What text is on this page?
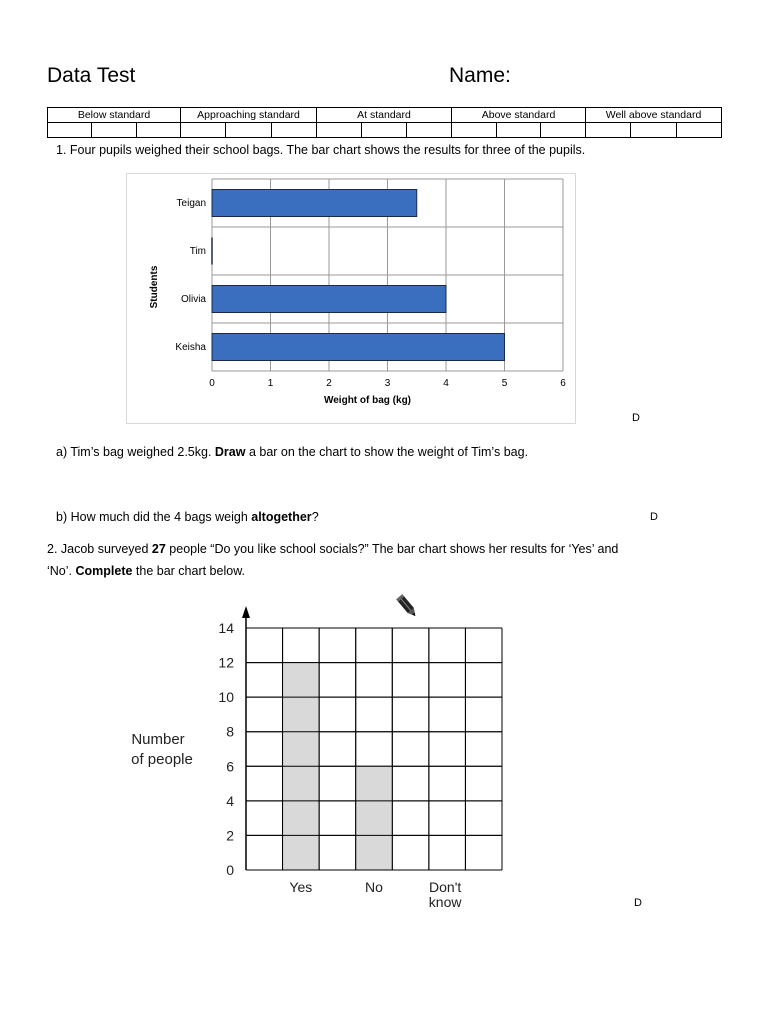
Data Test	Name:
Below standard			Approaching standard			At standard			Above standard			Well above standard		

1. Four pupils weighed their school bags. The bar chart shows the results for three of the pupils.
0	1	2	3	4	5	6
Teigan
Tim
Olivia
Keisha
Weight of bag (kg)
Students
D
a) Tim’s bag weighed 2.5kg. Draw a bar on the chart to show the weight of Tim’s bag.
b) How much did the 4 bags weigh altogether?	D
2. Jacob surveyed 27 people “Do you like school socials?” The bar chart shows her results for ‘Yes’ and
‘No’. Complete the bar chart below.
0
2
4
6
8
10
12
14
Yes	No	Don't
know
Number
of people
D
